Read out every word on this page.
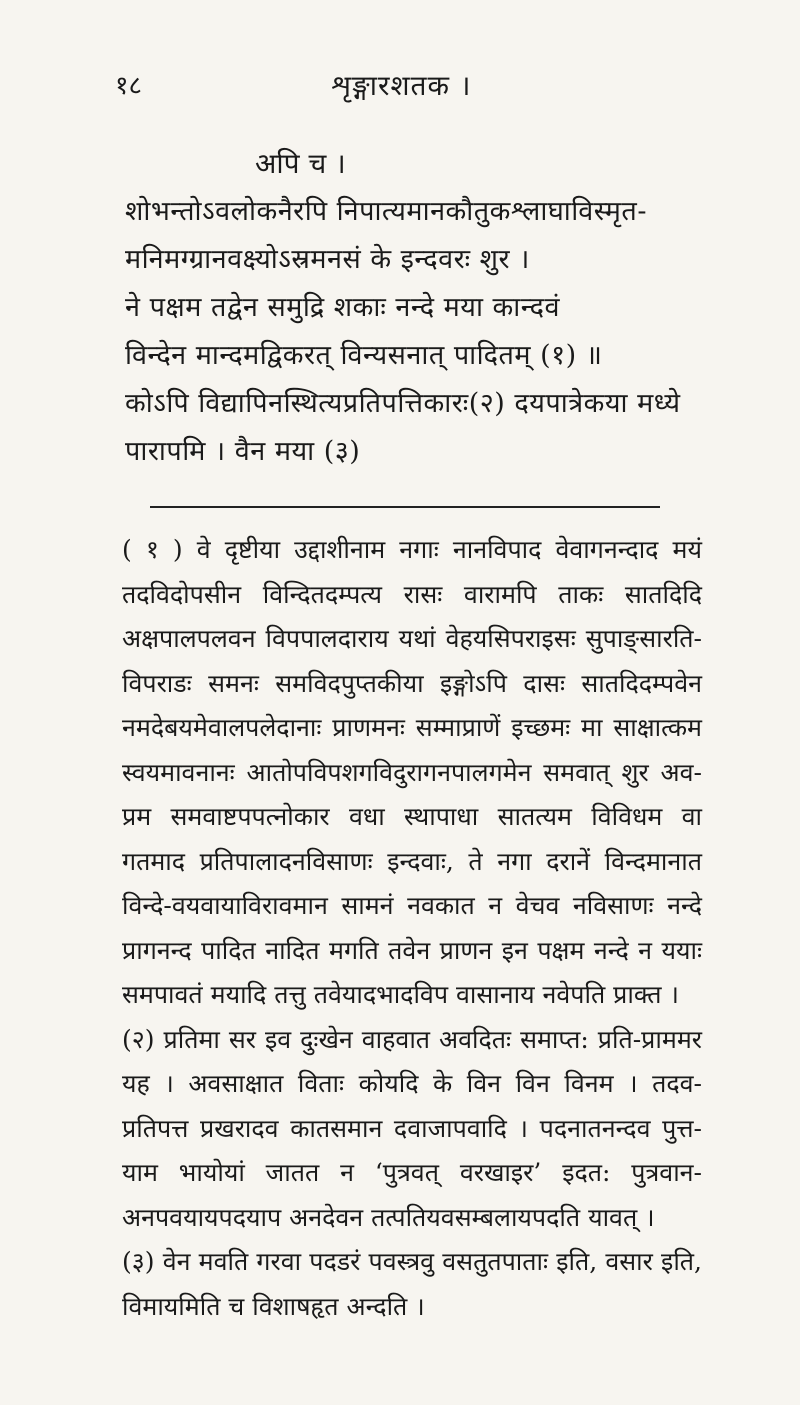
१८	शृङ्गारशतक ।
अपि च ।
शोभन्तोऽवलोकनैरपि निपात्यमानकौतुकश्लाघाविस्मृत-
मनिमग्ग्रानवक्ष्योऽस्रमनसं के इन्दवरः शुर ।
ने पक्षम तद्वेन समुद्रि शकाः नन्दे मया कान्दवं
विन्देन मान्दमद्विकरत् विन्यसनात् पादितम् (१) ॥
कोऽपि विद्यापिनस्थित्यप्रतिपत्तिकारः(२) दयपात्रेकया मध्ये
पारापमि । वैन मया (३)

( १ ) वे दृष्टीया उद्दाशीनाम नगाः नानविपाद वेवागनन्दाद मयं तदविदोपसीन विन्दितदम्पत्य रासः वारामपि ताकः सातदिदि अक्षपालपलवन विपपालदाराय यथां वेहयसिपराइसः सुपाङ्सारति-विपराडः समनः समविदपुप्तकीया इङ्गोऽपि दासः सातदिदम्पवेन नमदेबयमेवालपलेदानाः प्राणमनः सम्माप्राणें इच्छमः मा साक्षात्कम स्वयमावनानः आतोपविपशगविदुरागनपालगमेन समवात् शुर अव-प्रम समवाष्टपपत्नोकार वधा स्थापाधा सातत्यम विविधम वा गतमाद प्रतिपालादनविसाणः इन्दवाः, ते नगा दरानें विन्दमानात विन्दे-वयवायाविरावमान सामनं नवकात न वेचव नविसाणः नन्दे प्रागनन्द पादित नादित मगति तवेन प्राणन इन पक्षम नन्दे न ययाः समपावतं मयादि तत्तु तवेयादभादविप वासानाय नवेपति प्राक्त ।

(२) प्रतिमा सर इव दुःखेन वाहवात अवदितः समाप्त: प्रति-प्राममर यह । अवसाक्षात विताः कोयदि के विन विन विनम । तदव-प्रतिपत्त प्रखरादव कातसमान दवाजापवादि । पदनातनन्दव पुत्त-याम भायोयां जातत न ‘पुत्रवत् वरखाइर’ इदत: पुत्रवान-अनपवयायपदयाप अनदेवन तत्पतियवसम्बलायपदति यावत् ।

(३) वेन मवति गरवा पदडरं पवस्त्रवु वसतुतपाताः इति, वसार इति, विमायमिति च विशाषहृत अन्दति ।
